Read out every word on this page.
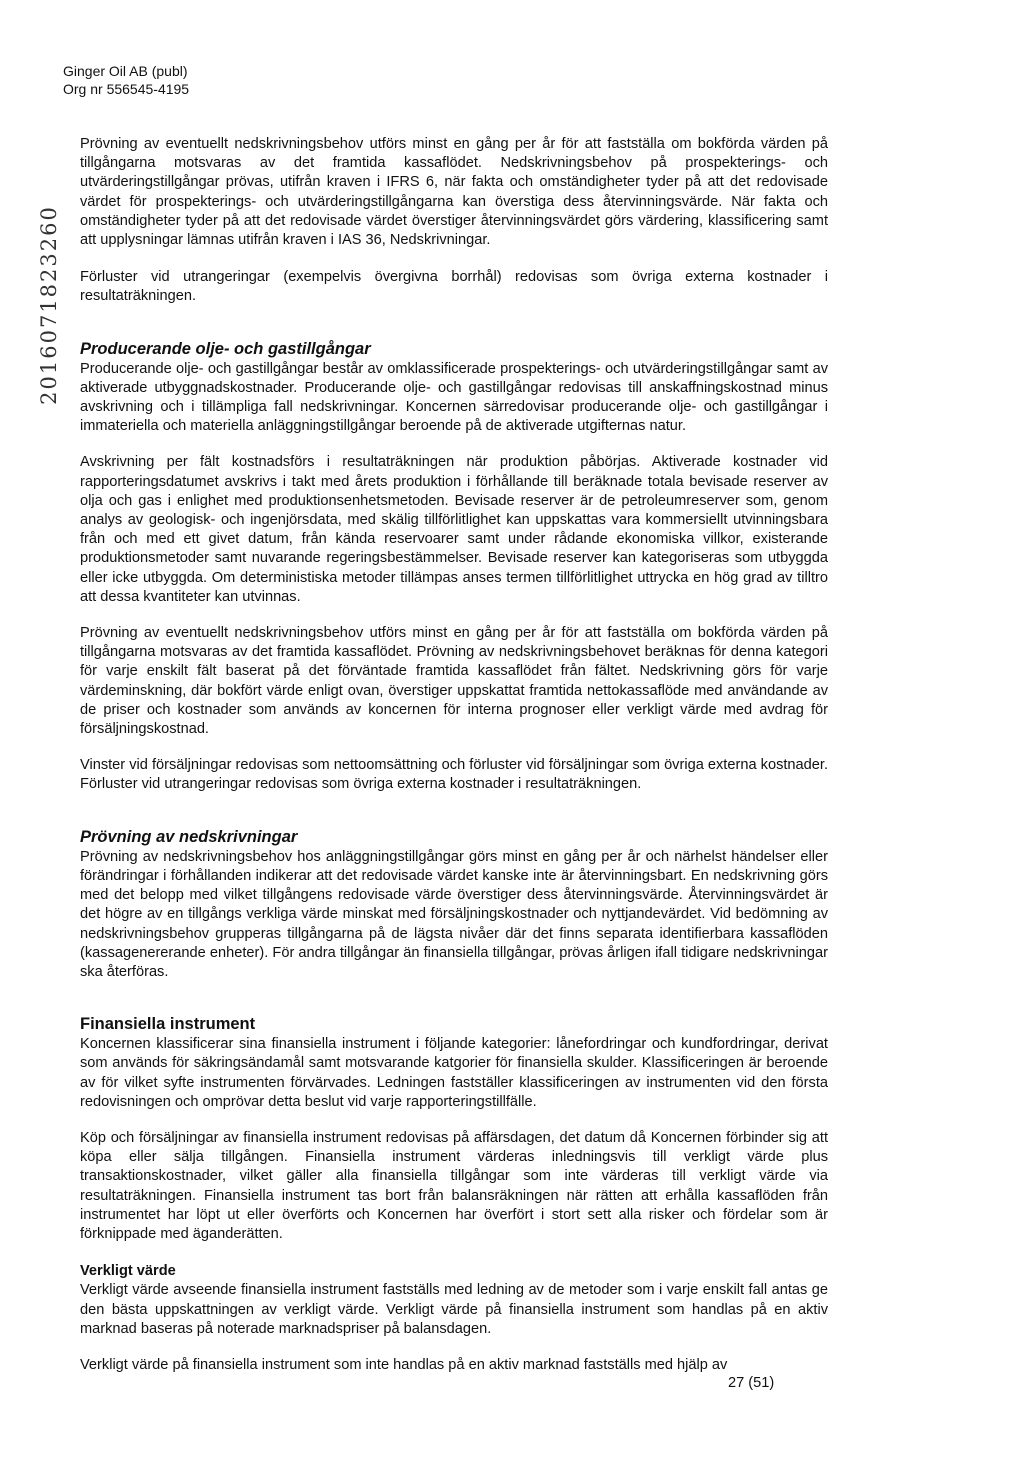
Ginger Oil AB (publ)
Org nr 556545-4195
2016071823260

Prövning av eventuellt nedskrivningsbehov utförs minst en gång per år för att fastställa om bokförda värden på tillgångarna motsvaras av det framtida kassaflödet. Nedskrivningsbehov på prospekterings- och utvärderingstillgångar prövas, utifrån kraven i IFRS 6, när fakta och omständigheter tyder på att det redovisade värdet för prospekterings- och utvärderingstillgångarna kan överstiga dess återvinningsvärde. När fakta och omständigheter tyder på att det redovisade värdet överstiger återvinningsvärdet görs värdering, klassificering samt att upplysningar lämnas utifrån kraven i IAS 36, Nedskrivningar.

Förluster vid utrangeringar (exempelvis övergivna borrhål) redovisas som övriga externa kostnader i resultaträkningen.

Producerande olje- och gastillgångar

Producerande olje- och gastillgångar består av omklassificerade prospekterings- och utvärderingstillgångar samt av aktiverade utbyggnadskostnader. Producerande olje- och gastillgångar redovisas till anskaffningskostnad minus avskrivning och i tillämpliga fall nedskrivningar. Koncernen särredovisar producerande olje- och gastillgångar i immateriella och materiella anläggningstillgångar beroende på de aktiverade utgifternas natur.

Avskrivning per fält kostnadsförs i resultaträkningen när produktion påbörjas. Aktiverade kostnader vid rapporteringsdatumet avskrivs i takt med årets produktion i förhållande till beräknade totala bevisade reserver av olja och gas i enlighet med produktionsenhetsmetoden. Bevisade reserver är de petroleumreserver som, genom analys av geologisk- och ingenjörsdata, med skälig tillförlitlighet kan uppskattas vara kommersiellt utvinningsbara från och med ett givet datum, från kända reservoarer samt under rådande ekonomiska villkor, existerande produktionsmetoder samt nuvarande regeringsbestämmelser. Bevisade reserver kan kategoriseras som utbyggda eller icke utbyggda. Om deterministiska metoder tillämpas anses termen tillförlitlighet uttrycka en hög grad av tilltro att dessa kvantiteter kan utvinnas.

Prövning av eventuellt nedskrivningsbehov utförs minst en gång per år för att fastställa om bokförda värden på tillgångarna motsvaras av det framtida kassaflödet. Prövning av nedskrivningsbehovet beräknas för denna kategori för varje enskilt fält baserat på det förväntade framtida kassaflödet från fältet. Nedskrivning görs för varje värdeminskning, där bokfört värde enligt ovan, överstiger uppskattat framtida nettokassaflöde med användande av de priser och kostnader som används av koncernen för interna prognoser eller verkligt värde med avdrag för försäljningskostnad.

Vinster vid försäljningar redovisas som nettoomsättning och förluster vid försäljningar som övriga externa kostnader. Förluster vid utrangeringar redovisas som övriga externa kostnader i resultaträkningen.

Prövning av nedskrivningar

Prövning av nedskrivningsbehov hos anläggningstillgångar görs minst en gång per år och närhelst händelser eller förändringar i förhållanden indikerar att det redovisade värdet kanske inte är återvinningsbart. En nedskrivning görs med det belopp med vilket tillgångens redovisade värde överstiger dess återvinningsvärde. Återvinningsvärdet är det högre av en tillgångs verkliga värde minskat med försäljningskostnader och nyttjandevärdet. Vid bedömning av nedskrivningsbehov grupperas tillgångarna på de lägsta nivåer där det finns separata identifierbara kassaflöden (kassagenererande enheter). För andra tillgångar än finansiella tillgångar, prövas årligen ifall tidigare nedskrivningar ska återföras.

Finansiella instrument

Koncernen klassificerar sina finansiella instrument i följande kategorier: lånefordringar och kundfordringar, derivat som används för säkringsändamål samt motsvarande katgorier för finansiella skulder. Klassificeringen är beroende av för vilket syfte instrumenten förvärvades. Ledningen fastställer klassificeringen av instrumenten vid den första redovisningen och omprövar detta beslut vid varje rapporteringstillfälle.

Köp och försäljningar av finansiella instrument redovisas på affärsdagen, det datum då Koncernen förbinder sig att köpa eller sälja tillgången. Finansiella instrument värderas inledningsvis till verkligt värde plus transaktionskostnader, vilket gäller alla finansiella tillgångar som inte värderas till verkligt värde via resultaträkningen. Finansiella instrument tas bort från balansräkningen när rätten att erhålla kassaflöden från instrumentet har löpt ut eller överförts och Koncernen har överfört i stort sett alla risker och fördelar som är förknippade med äganderätten.

Verkligt värde

Verkligt värde avseende finansiella instrument fastställs med ledning av de metoder som i varje enskilt fall antas ge den bästa uppskattningen av verkligt värde. Verkligt värde på finansiella instrument som handlas på en aktiv marknad baseras på noterade marknadspriser på balansdagen.

Verkligt värde på finansiella instrument som inte handlas på en aktiv marknad fastställs med hjälp av

27 (51)
